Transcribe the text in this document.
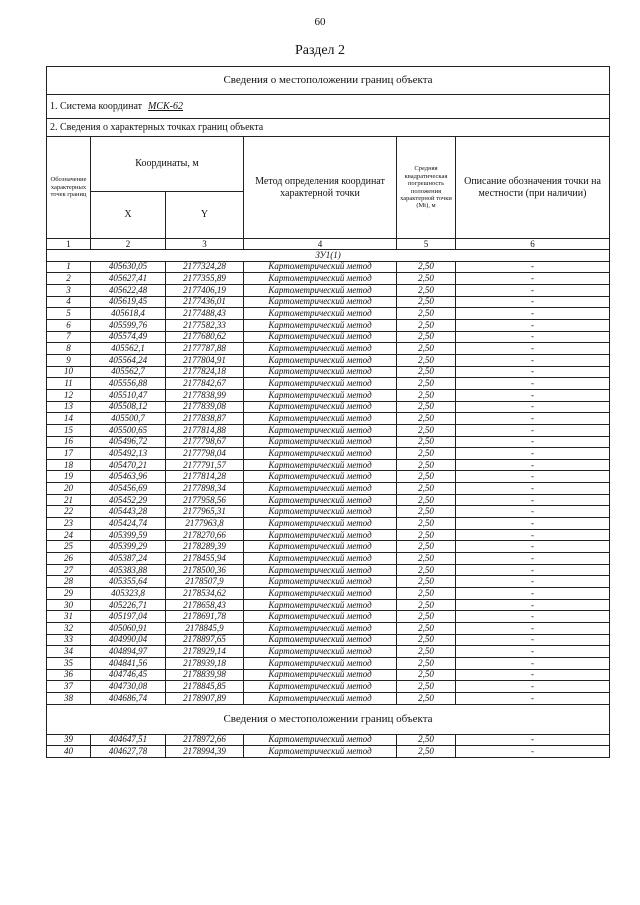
60
Раздел 2
Сведения о местоположении границ объекта					
1. Система координат МСК-62					
2. Сведения о характерных точках границ объекта					
Обозначение характерных точек границ	Координаты, м		Метод определения координат характерной точки	Средняя квадратическая погрешность положения характерной точки (Mt), м	Описание обозначения точки на местности (при наличии)
	X	Y			
1	2	3	4	5	6
ЗУ1(1)					
1	405630,05	2177324,28	Картометрический метод	2,50	-
2	405627,41	2177355,89	Картометрический метод	2,50	-
3	405622,48	2177406,19	Картометрический метод	2,50	-
4	405619,45	2177436,01	Картометрический метод	2,50	-
5	405618,4	2177488,43	Картометрический метод	2,50	-
6	405599,76	2177582,33	Картометрический метод	2,50	-
7	405574,49	2177680,62	Картометрический метод	2,50	-
8	405562,1	2177787,88	Картометрический метод	2,50	-
9	405564,24	2177804,91	Картометрический метод	2,50	-
10	405562,7	2177824,18	Картометрический метод	2,50	-
11	405556,88	2177842,67	Картометрический метод	2,50	-
12	405510,47	2177838,99	Картометрический метод	2,50	-
13	405508,12	2177839,08	Картометрический метод	2,50	-
14	405500,7	2177838,87	Картометрический метод	2,50	-
15	405500,65	2177814,88	Картометрический метод	2,50	-
16	405496,72	2177798,67	Картометрический метод	2,50	-
17	405492,13	2177798,04	Картометрический метод	2,50	-
18	405470,21	2177791,57	Картометрический метод	2,50	-
19	405463,96	2177814,28	Картометрический метод	2,50	-
20	405456,69	2177898,34	Картометрический метод	2,50	-
21	405452,29	2177958,56	Картометрический метод	2,50	-
22	405443,28	2177965,31	Картометрический метод	2,50	-
23	405424,74	2177963,8	Картометрический метод	2,50	-
24	405399,59	2178270,66	Картометрический метод	2,50	-
25	405399,29	2178289,39	Картометрический метод	2,50	-
26	405387,24	2178455,94	Картометрический метод	2,50	-
27	405383,88	2178500,36	Картометрический метод	2,50	-
28	405355,64	2178507,9	Картометрический метод	2,50	-
29	405323,8	2178534,62	Картометрический метод	2,50	-
30	405226,71	2178658,43	Картометрический метод	2,50	-
31	405197,04	2178691,78	Картометрический метод	2,50	-
32	405060,91	2178845,9	Картометрический метод	2,50	-
33	404990,04	2178897,65	Картометрический метод	2,50	-
34	404894,97	2178929,14	Картометрический метод	2,50	-
35	404841,56	2178939,18	Картометрический метод	2,50	-
36	404746,45	2178839,98	Картометрический метод	2,50	-
37	404730,08	2178845,85	Картометрический метод	2,50	-
38	404686,74	2178907,89	Картометрический метод	2,50	-
Сведения о местоположении границ объекта					
39	404647,51	2178972,66	Картометрический метод	2,50	-
40	404627,78	2178994,39	Картометрический метод	2,50	-
